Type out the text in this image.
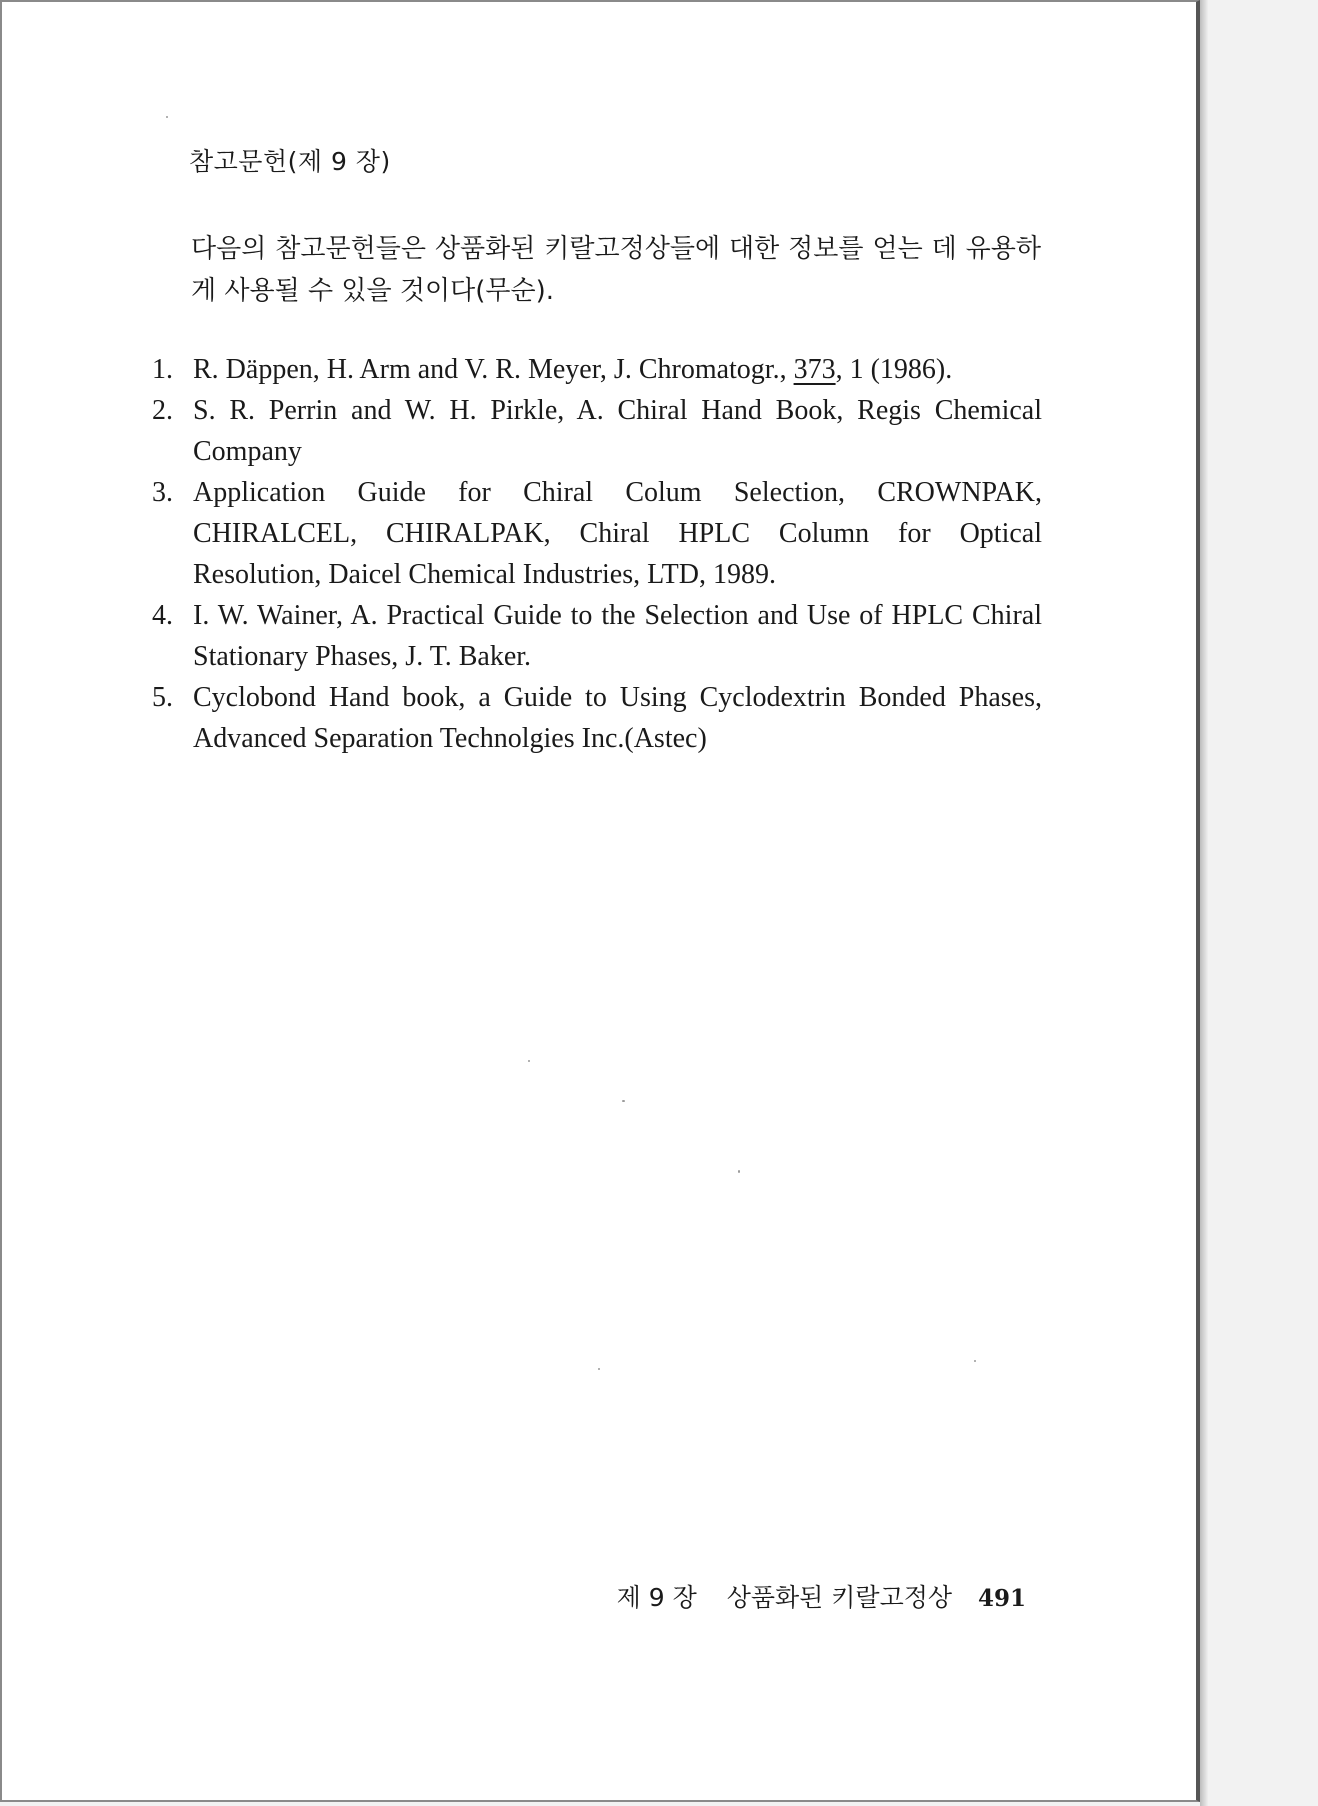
참고문헌(제 9 장)

다음의 참고문헌들은 상품화된 키랄고정상들에 대한 정보를 얻는 데 유용하게 사용될 수 있을 것이다(무순).

1. R. Däppen, H. Arm and V. R. Meyer, J. Chromatogr., 373, 1 (1986).
2. S. R. Perrin and W. H. Pirkle, A. Chiral Hand Book, Regis Chemical Company
3. Application Guide for Chiral Colum Selection, CROWNPAK, CHIRALCEL, CHIRALPAK, Chiral HPLC Column for Optical Resolution, Daicel Chemical Industries, LTD, 1989.
4. I. W. Wainer, A. Practical Guide to the Selection and Use of HPLC Chiral Stationary Phases, J. T. Baker.
5. Cyclobond Hand book, a Guide to Using Cyclodextrin Bonded Phases, Advanced Separation Technolgies Inc.(Astec)
제 9 장 상품화된 키랄고정상 491
